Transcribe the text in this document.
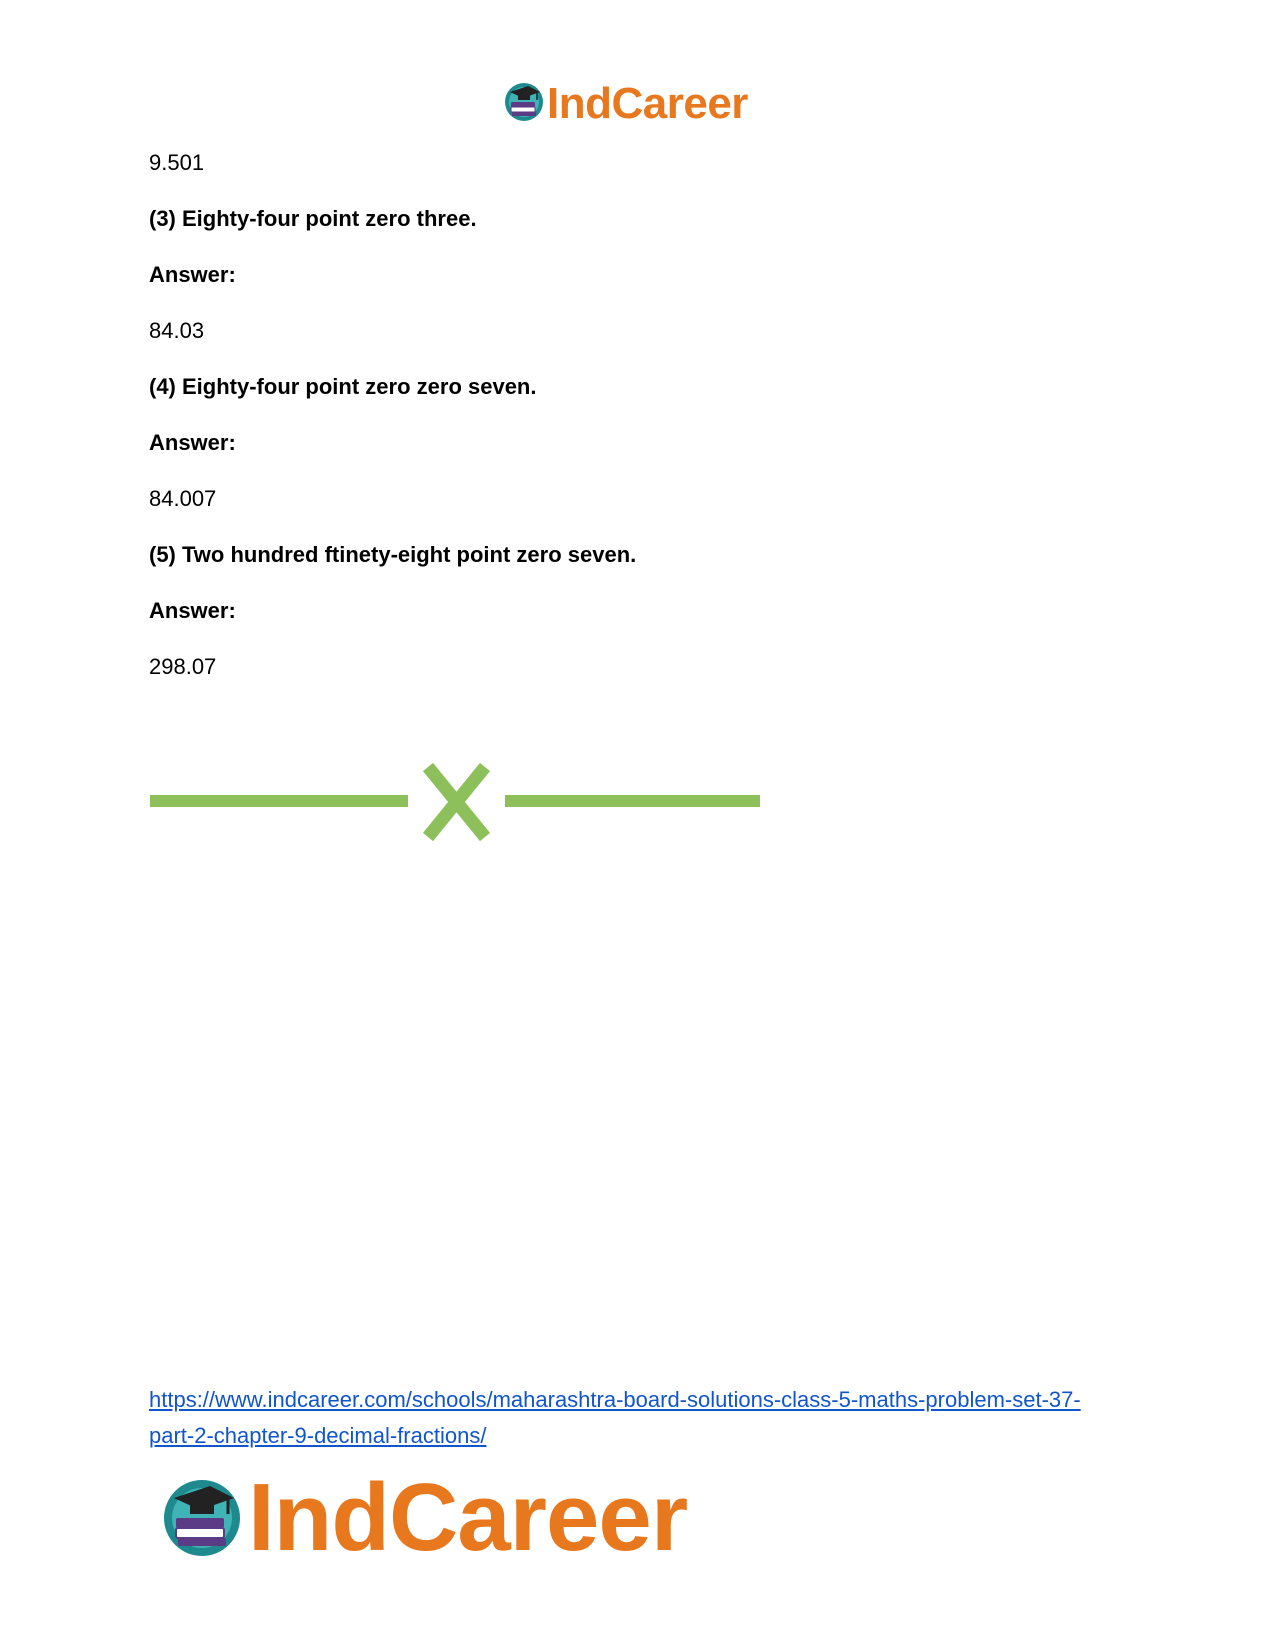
IndCareer
9.501
(3) Eighty-four point zero three.
Answer:
84.03
(4) Eighty-four point zero zero seven.
Answer:
84.007
(5) Two hundred ftinety-eight point zero seven.
Answer:
298.07
https://www.indcareer.com/schools/maharashtra-board-solutions-class-5-maths-problem-set-37-
part-2-chapter-9-decimal-fractions/
IndCareer
